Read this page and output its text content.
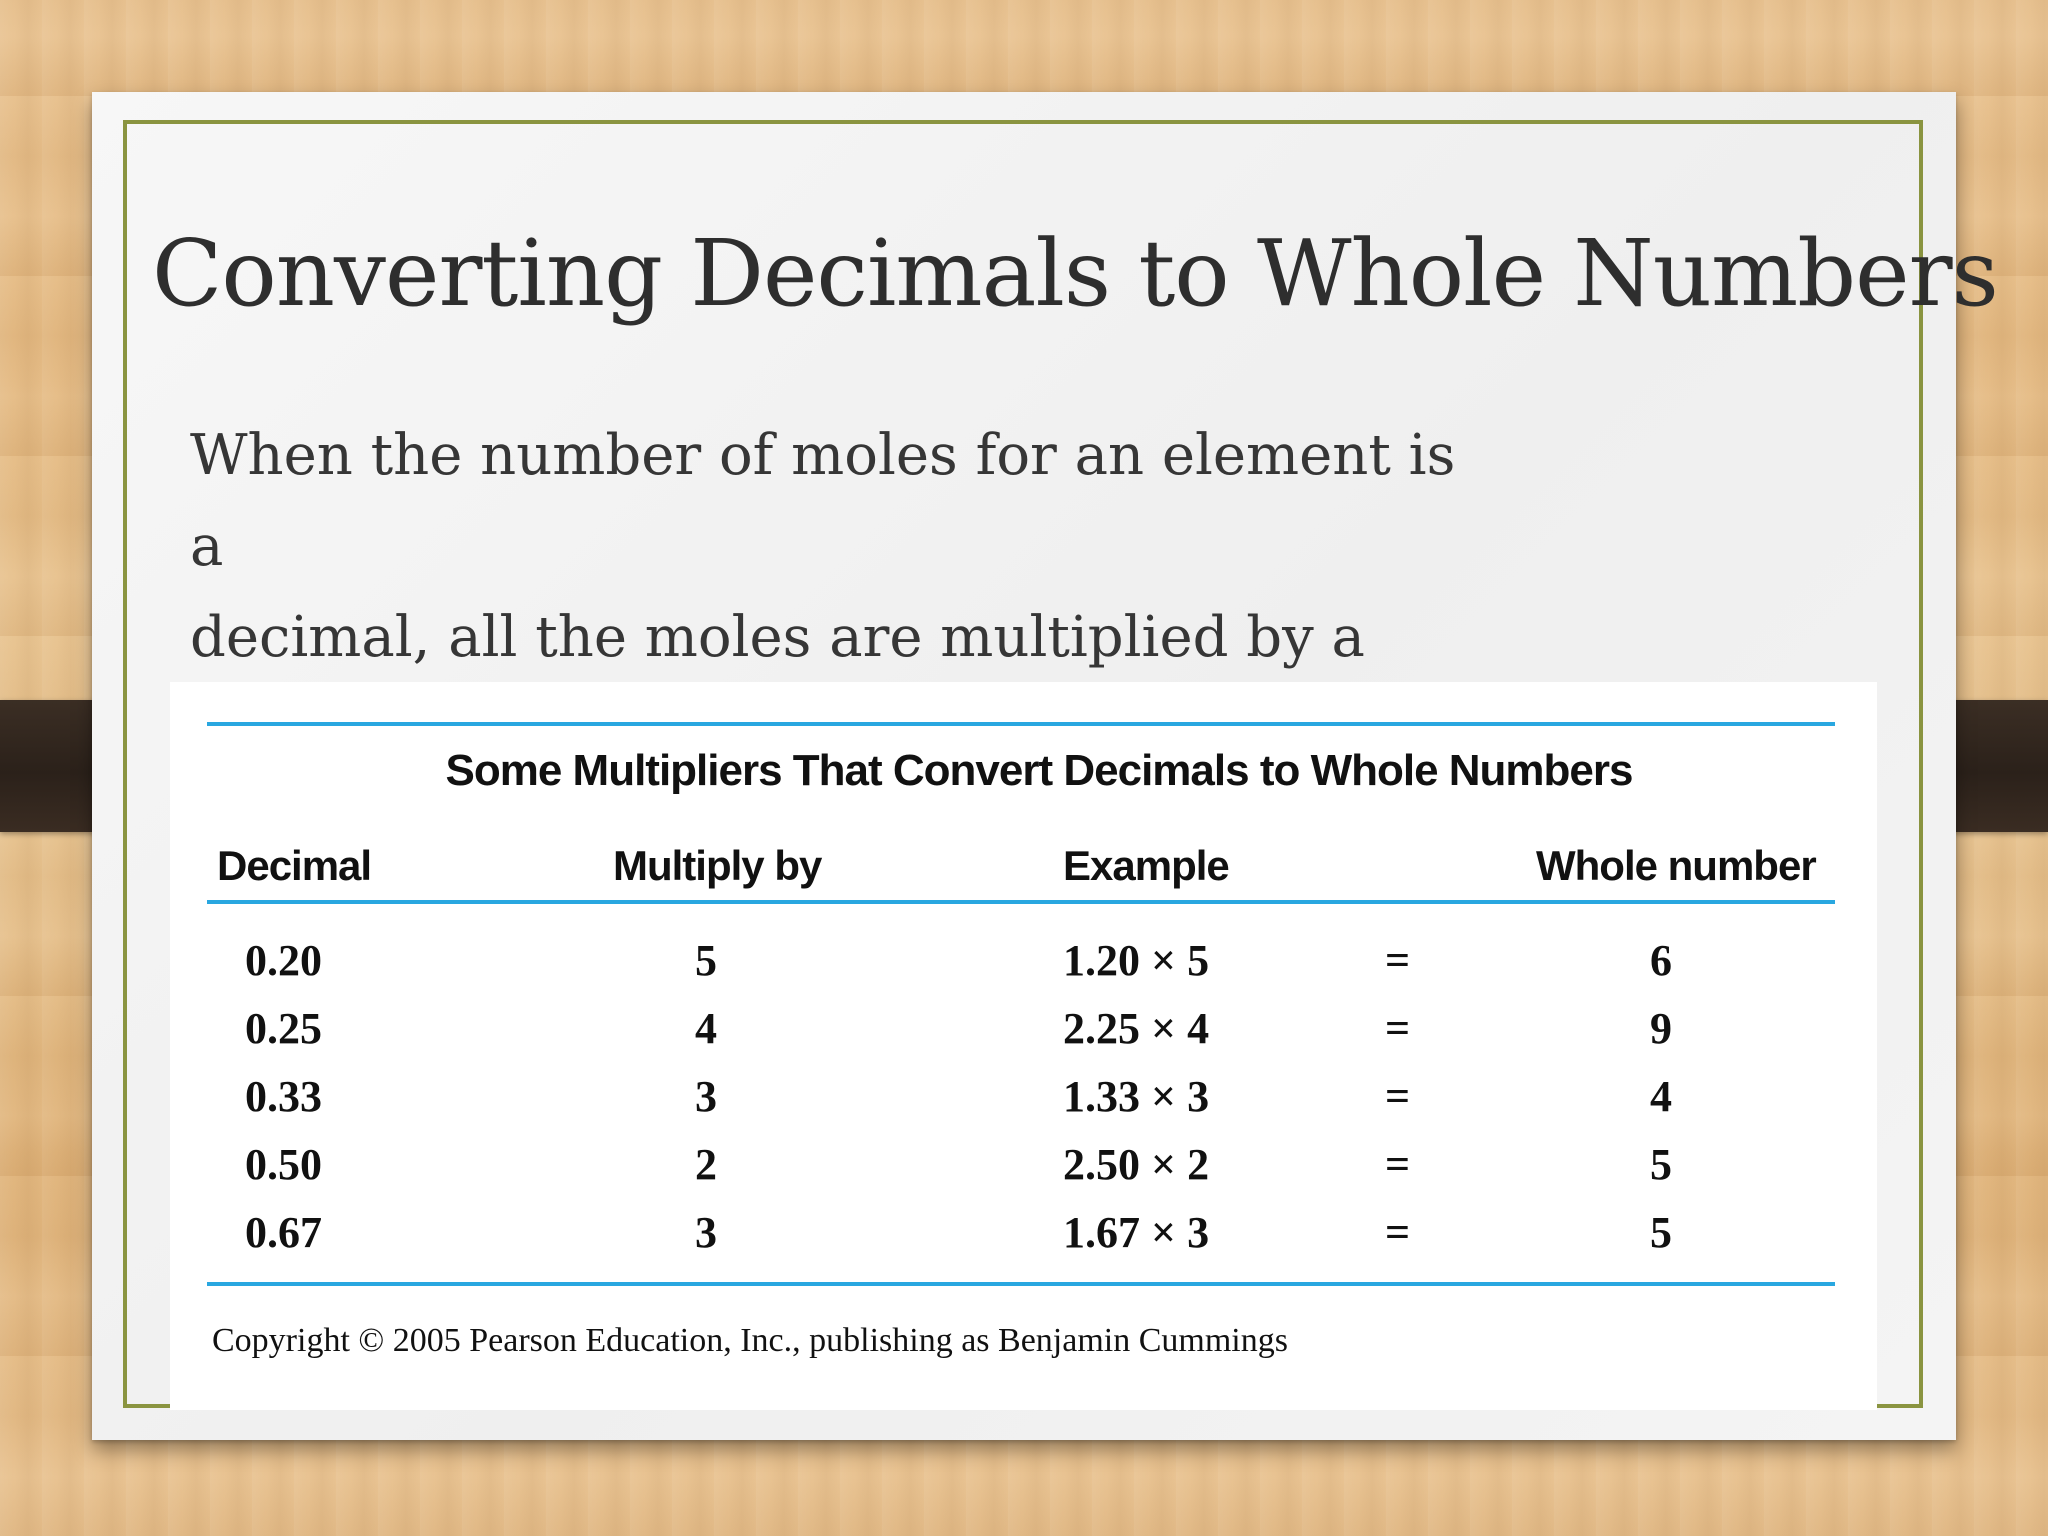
Converting Decimals to Whole Numbers
When the number of moles for an element is a
decimal, all the moles are multiplied by a
Some Multipliers That Convert Decimals to Whole Numbers
Decimal	Multiply by	Example	Whole number
0.20	5	1.20 × 5	=	6
0.25	4	2.25 × 4	=	9
0.33	3	1.33 × 3	=	4
0.50	2	2.50 × 2	=	5
0.67	3	1.67 × 3	=	5
Copyright © 2005 Pearson Education, Inc., publishing as Benjamin Cummings
